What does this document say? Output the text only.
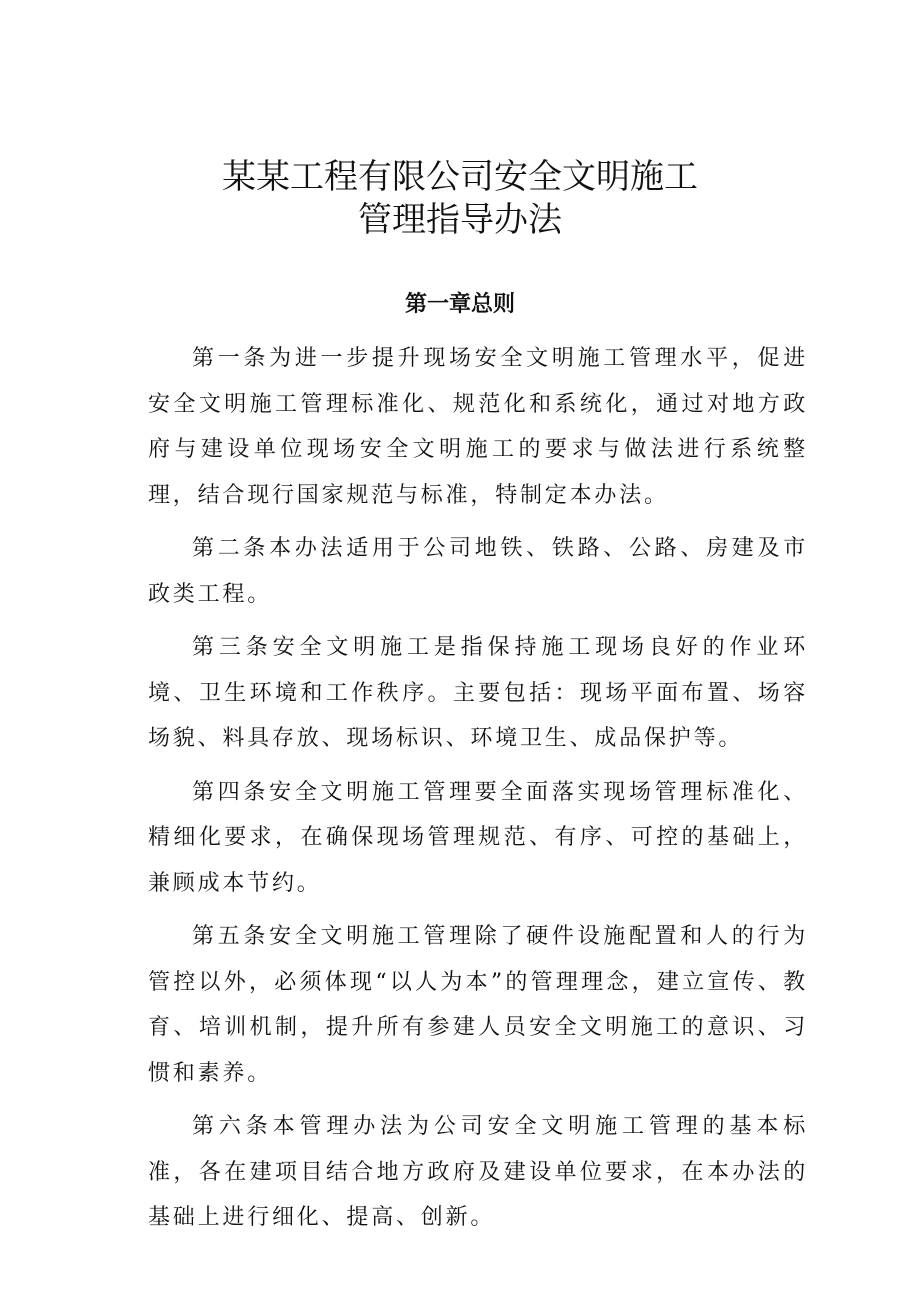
某某工程有限公司安全文明施工
管理指导办法
第一章总则

第一条为进一步提升现场安全文明施工管理水平，促进安全文明施工管理标准化、规范化和系统化，通过对地方政府与建设单位现场安全文明施工的要求与做法进行系统整理，结合现行国家规范与标准，特制定本办法。

第二条本办法适用于公司地铁、铁路、公路、房建及市政类工程。

第三条安全文明施工是指保持施工现场良好的作业环境、卫生环境和工作秩序。主要包括：现场平面布置、场容场貌、料具存放、现场标识、环境卫生、成品保护等。

第四条安全文明施工管理要全面落实现场管理标准化、精细化要求，在确保现场管理规范、有序、可控的基础上，兼顾成本节约。

第五条安全文明施工管理除了硬件设施配置和人的行为管控以外，必须体现“以人为本”的管理理念，建立宣传、教育、培训机制，提升所有参建人员安全文明施工的意识、习惯和素养。

第六条本管理办法为公司安全文明施工管理的基本标准，各在建项目结合地方政府及建设单位要求，在本办法的基础上进行细化、提高、创新。
